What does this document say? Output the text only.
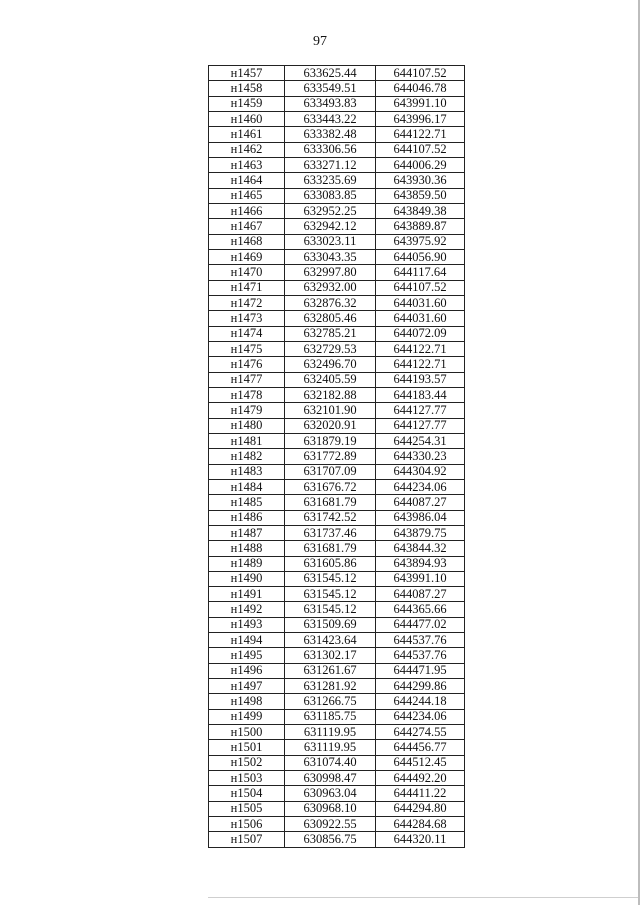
97
н1457	633625.44	644107.52
н1458	633549.51	644046.78
н1459	633493.83	643991.10
н1460	633443.22	643996.17
н1461	633382.48	644122.71
н1462	633306.56	644107.52
н1463	633271.12	644006.29
н1464	633235.69	643930.36
н1465	633083.85	643859.50
н1466	632952.25	643849.38
н1467	632942.12	643889.87
н1468	633023.11	643975.92
н1469	633043.35	644056.90
н1470	632997.80	644117.64
н1471	632932.00	644107.52
н1472	632876.32	644031.60
н1473	632805.46	644031.60
н1474	632785.21	644072.09
н1475	632729.53	644122.71
н1476	632496.70	644122.71
н1477	632405.59	644193.57
н1478	632182.88	644183.44
н1479	632101.90	644127.77
н1480	632020.91	644127.77
н1481	631879.19	644254.31
н1482	631772.89	644330.23
н1483	631707.09	644304.92
н1484	631676.72	644234.06
н1485	631681.79	644087.27
н1486	631742.52	643986.04
н1487	631737.46	643879.75
н1488	631681.79	643844.32
н1489	631605.86	643894.93
н1490	631545.12	643991.10
н1491	631545.12	644087.27
н1492	631545.12	644365.66
н1493	631509.69	644477.02
н1494	631423.64	644537.76
н1495	631302.17	644537.76
н1496	631261.67	644471.95
н1497	631281.92	644299.86
н1498	631266.75	644244.18
н1499	631185.75	644234.06
н1500	631119.95	644274.55
н1501	631119.95	644456.77
н1502	631074.40	644512.45
н1503	630998.47	644492.20
н1504	630963.04	644411.22
н1505	630968.10	644294.80
н1506	630922.55	644284.68
н1507	630856.75	644320.11
